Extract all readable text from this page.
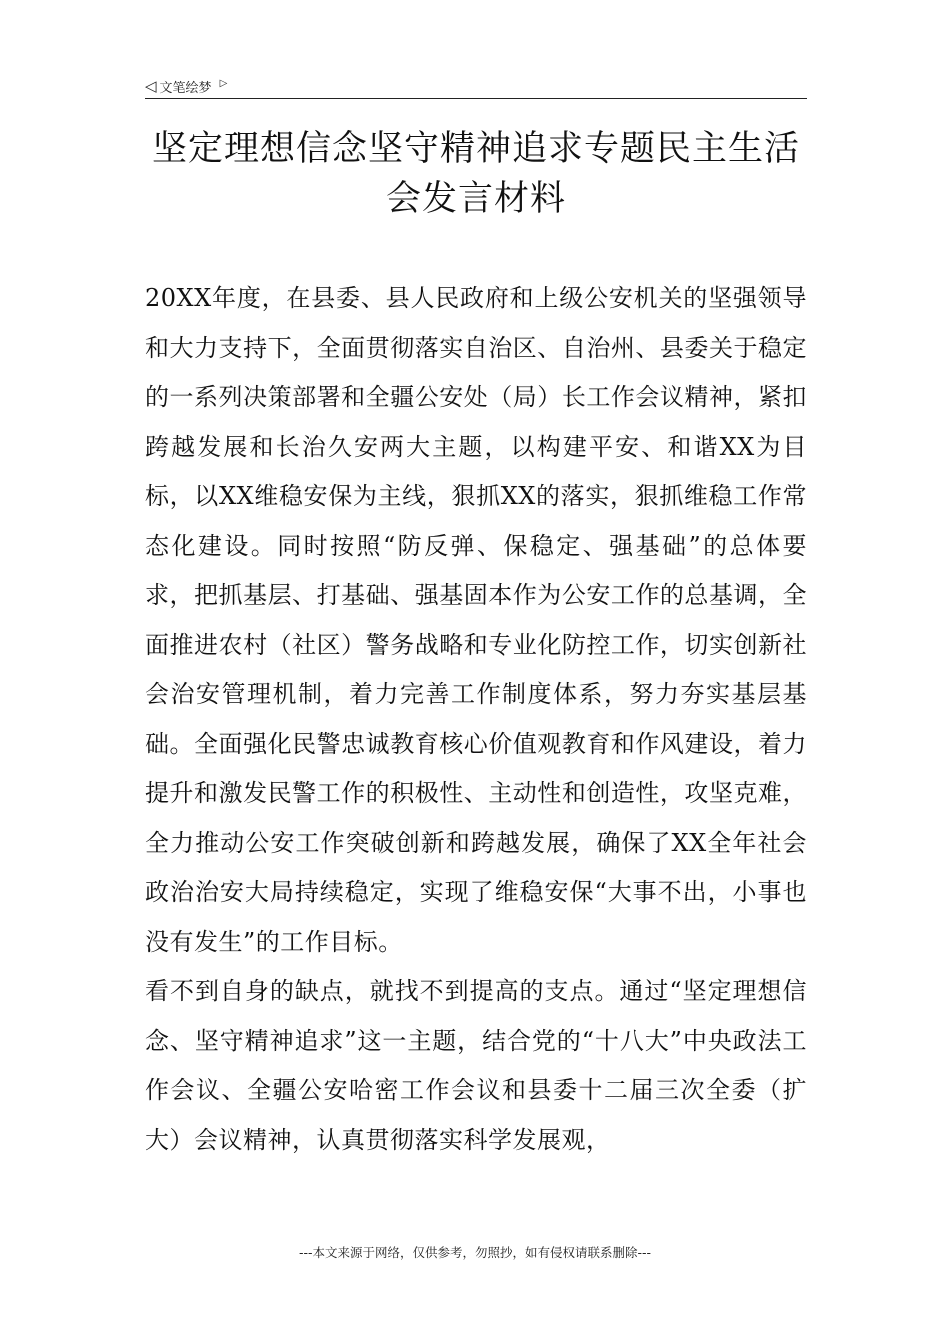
◁ 文笔绘梦 ▷
坚定理想信念坚守精神追求专题民主生活会发言材料

20XX年度，在县委、县人民政府和上级公安机关的坚强领导和大力支持下，全面贯彻落实自治区、自治州、县委关于稳定的一系列决策部署和全疆公安处（局）长工作会议精神，紧扣跨越发展和长治久安两大主题，以构建平安、和谐XX为目标，以XX维稳安保为主线，狠抓XX的落实，狠抓维稳工作常态化建设。同时按照“防反弹、保稳定、强基础”的总体要求，把抓基层、打基础、强基固本作为公安工作的总基调，全面推进农村（社区）警务战略和专业化防控工作，切实创新社会治安管理机制，着力完善工作制度体系，努力夯实基层基础。全面强化民警忠诚教育核心价值观教育和作风建设，着力提升和激发民警工作的积极性、主动性和创造性，攻坚克难，全力推动公安工作突破创新和跨越发展，确保了XX全年社会政治治安大局持续稳定，实现了维稳安保“大事不出，小事也没有发生”的工作目标。

看不到自身的缺点，就找不到提高的支点。通过“坚定理想信念、坚守精神追求”这一主题，结合党的“十八大”中央政法工作会议、全疆公安哈密工作会议和县委十二届三次全委（扩大）会议精神，认真贯彻落实科学发展观，

---本文来源于网络，仅供参考，勿照抄，如有侵权请联系删除---
